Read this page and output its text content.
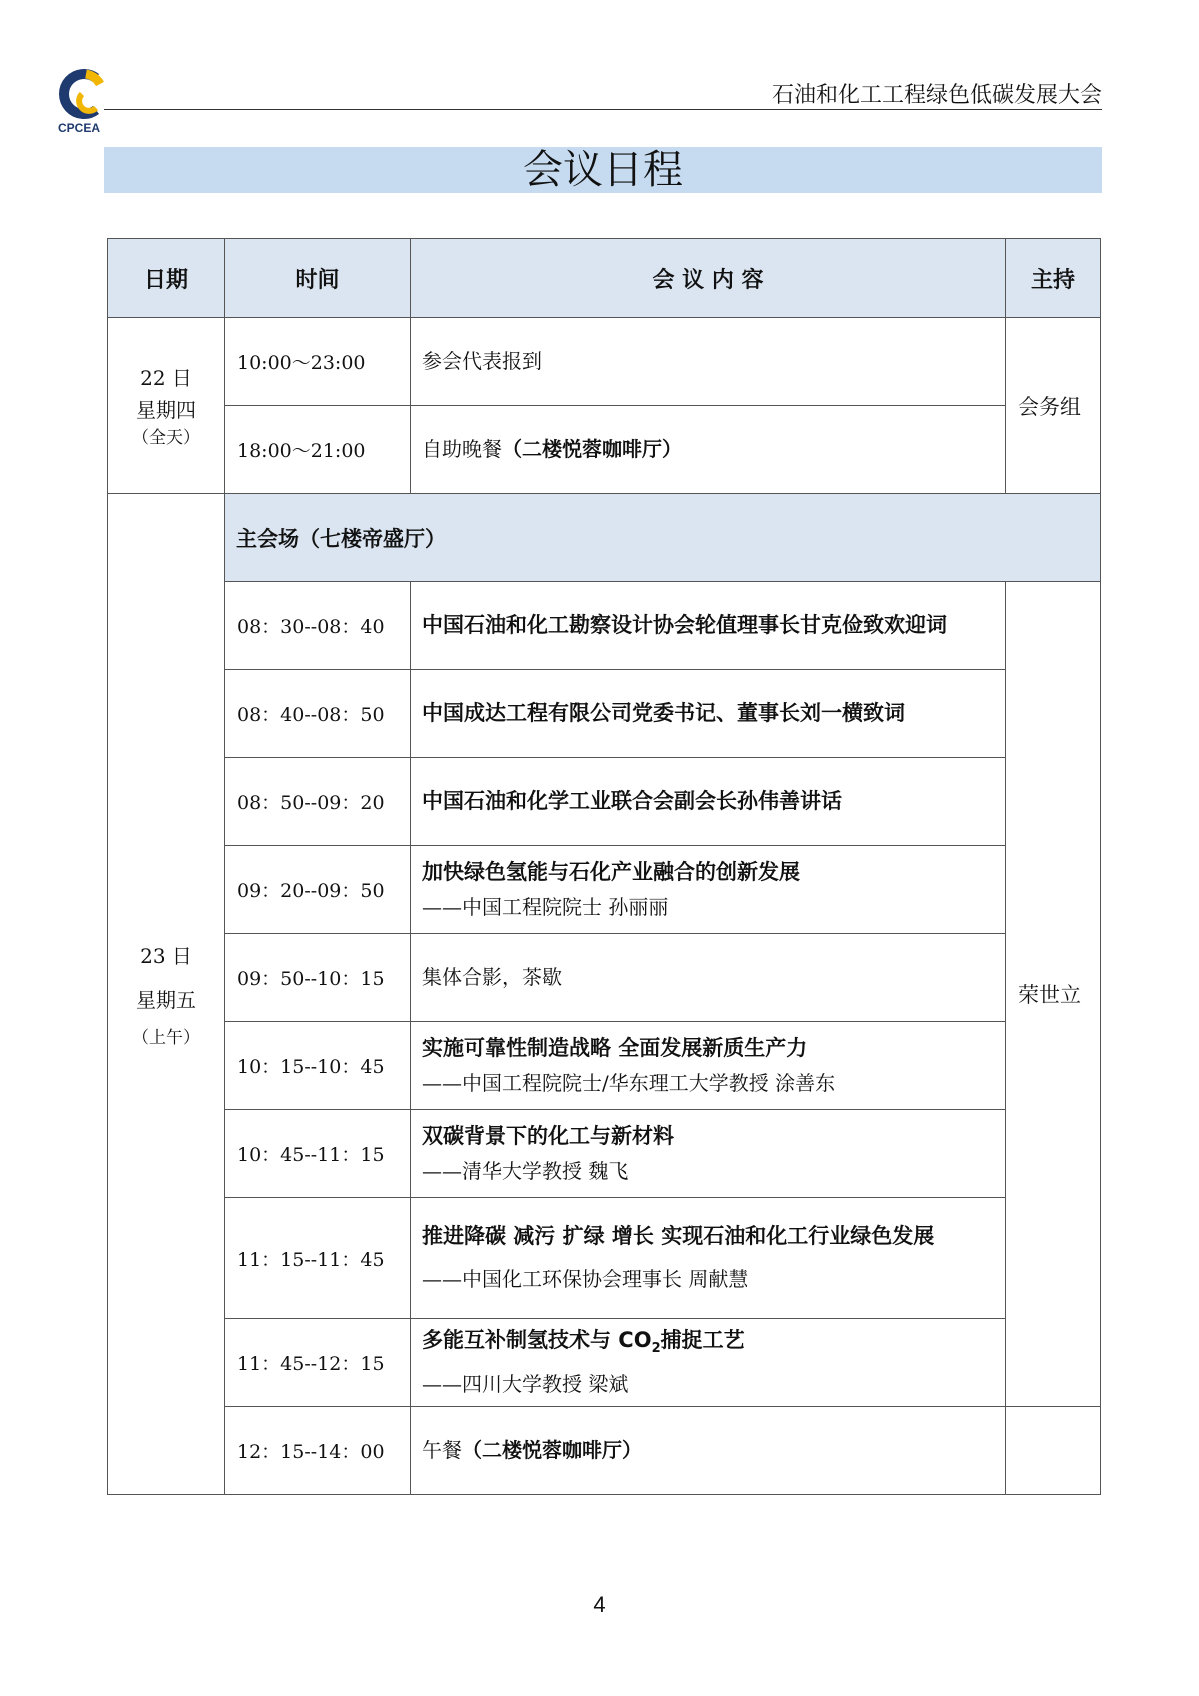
CPCEA
石油和化工工程绿色低碳发展大会
会议日程
日期	时间	会 议 内 容	主持

22 日
星期四
（全天）	10:00～23:00	参会代表报到	会务组
	18:00～21:00	自助晚餐（二楼悦蓉咖啡厅）	

23 日
星期五
（上午）	主会场（七楼帝盛厅）		
	08：30--08：40	中国石油和化工勘察设计协会轮值理事长甘克俭致欢迎词	荣世立
	08：40--08：50	中国成达工程有限公司党委书记、董事长刘一横致词	

	08：50--09：20	中国石油和化学工业联合会副会长孙伟善讲话	

	09：20--09：50	加快绿色氢能与石化产业融合的创新发展
——中国工程院院士 孙丽丽	

	09：50--10：15	集体合影，茶歇	
	10：15--10：45	实施可靠性制造战略 全面发展新质生产力
——中国工程院院士/华东理工大学教授 涂善东	

	10：45--11：15	双碳背景下的化工与新材料
——清华大学教授 魏飞	

	11：15--11：45	推进降碳 减污 扩绿 增长 实现石油和化工行业绿色发展
——中国化工环保协会理事长 周献慧	

	11：45--12：15	多能互补制氢技术与 $CO_2$捕捉工艺
——四川大学教授 梁斌	

	12：15--14：00	午餐（二楼悦蓉咖啡厅）	
4
